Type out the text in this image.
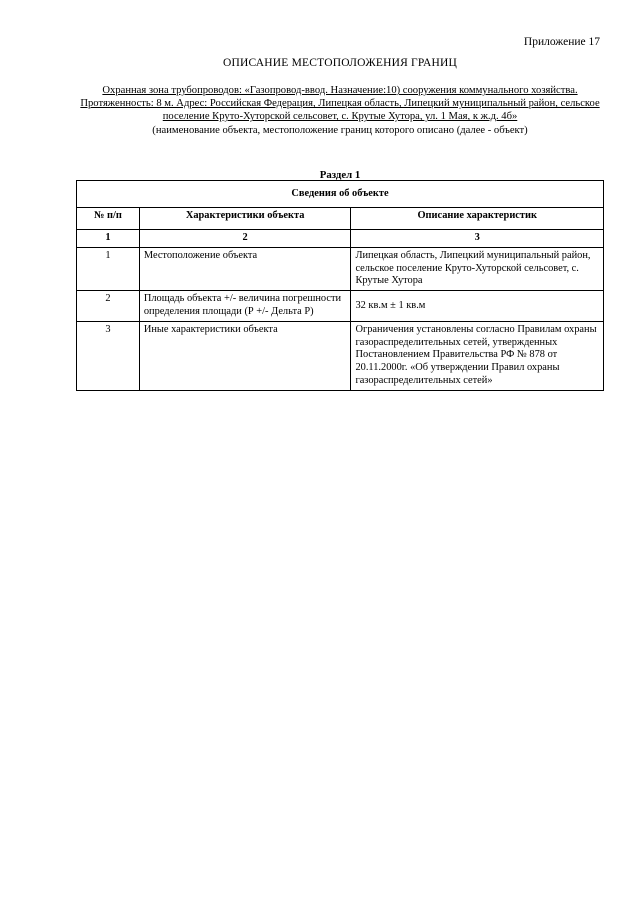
Приложение 17
ОПИСАНИЕ МЕСТОПОЛОЖЕНИЯ ГРАНИЦ
Охранная зона трубопроводов: «Газопровод-ввод. Назначение:10) сооружения коммунального хозяйства. Протяженность: 8 м. Адрес: Российская Федерация, Липецкая область, Липецкий муниципальный район, сельское поселение Круто-Хуторской сельсовет, с. Крутые Хутора, ул. 1 Мая, к ж.д. 4б»
(наименование объекта, местоположение границ которого описано (далее - объект)
Раздел 1
Сведения об объекте		
№ п/п	Характеристики объекта	Описание характеристик
1	2	3
1	Местоположение объекта	Липецкая область, Липецкий муниципальный район, сельское поселение Круто-Хуторской сельсовет, с. Крутые Хутора
2	Площадь объекта +/- величина погрешности определения площади (Р +/- Дельта Р)	32 кв.м ± 1 кв.м
3	Иные характеристики объекта	Ограничения установлены согласно Правилам охраны газораспределительных сетей, утвержденных Постановлением Правительства РФ № 878 от 20.11.2000г. «Об утверждении Правил охраны газораспределительных сетей»
